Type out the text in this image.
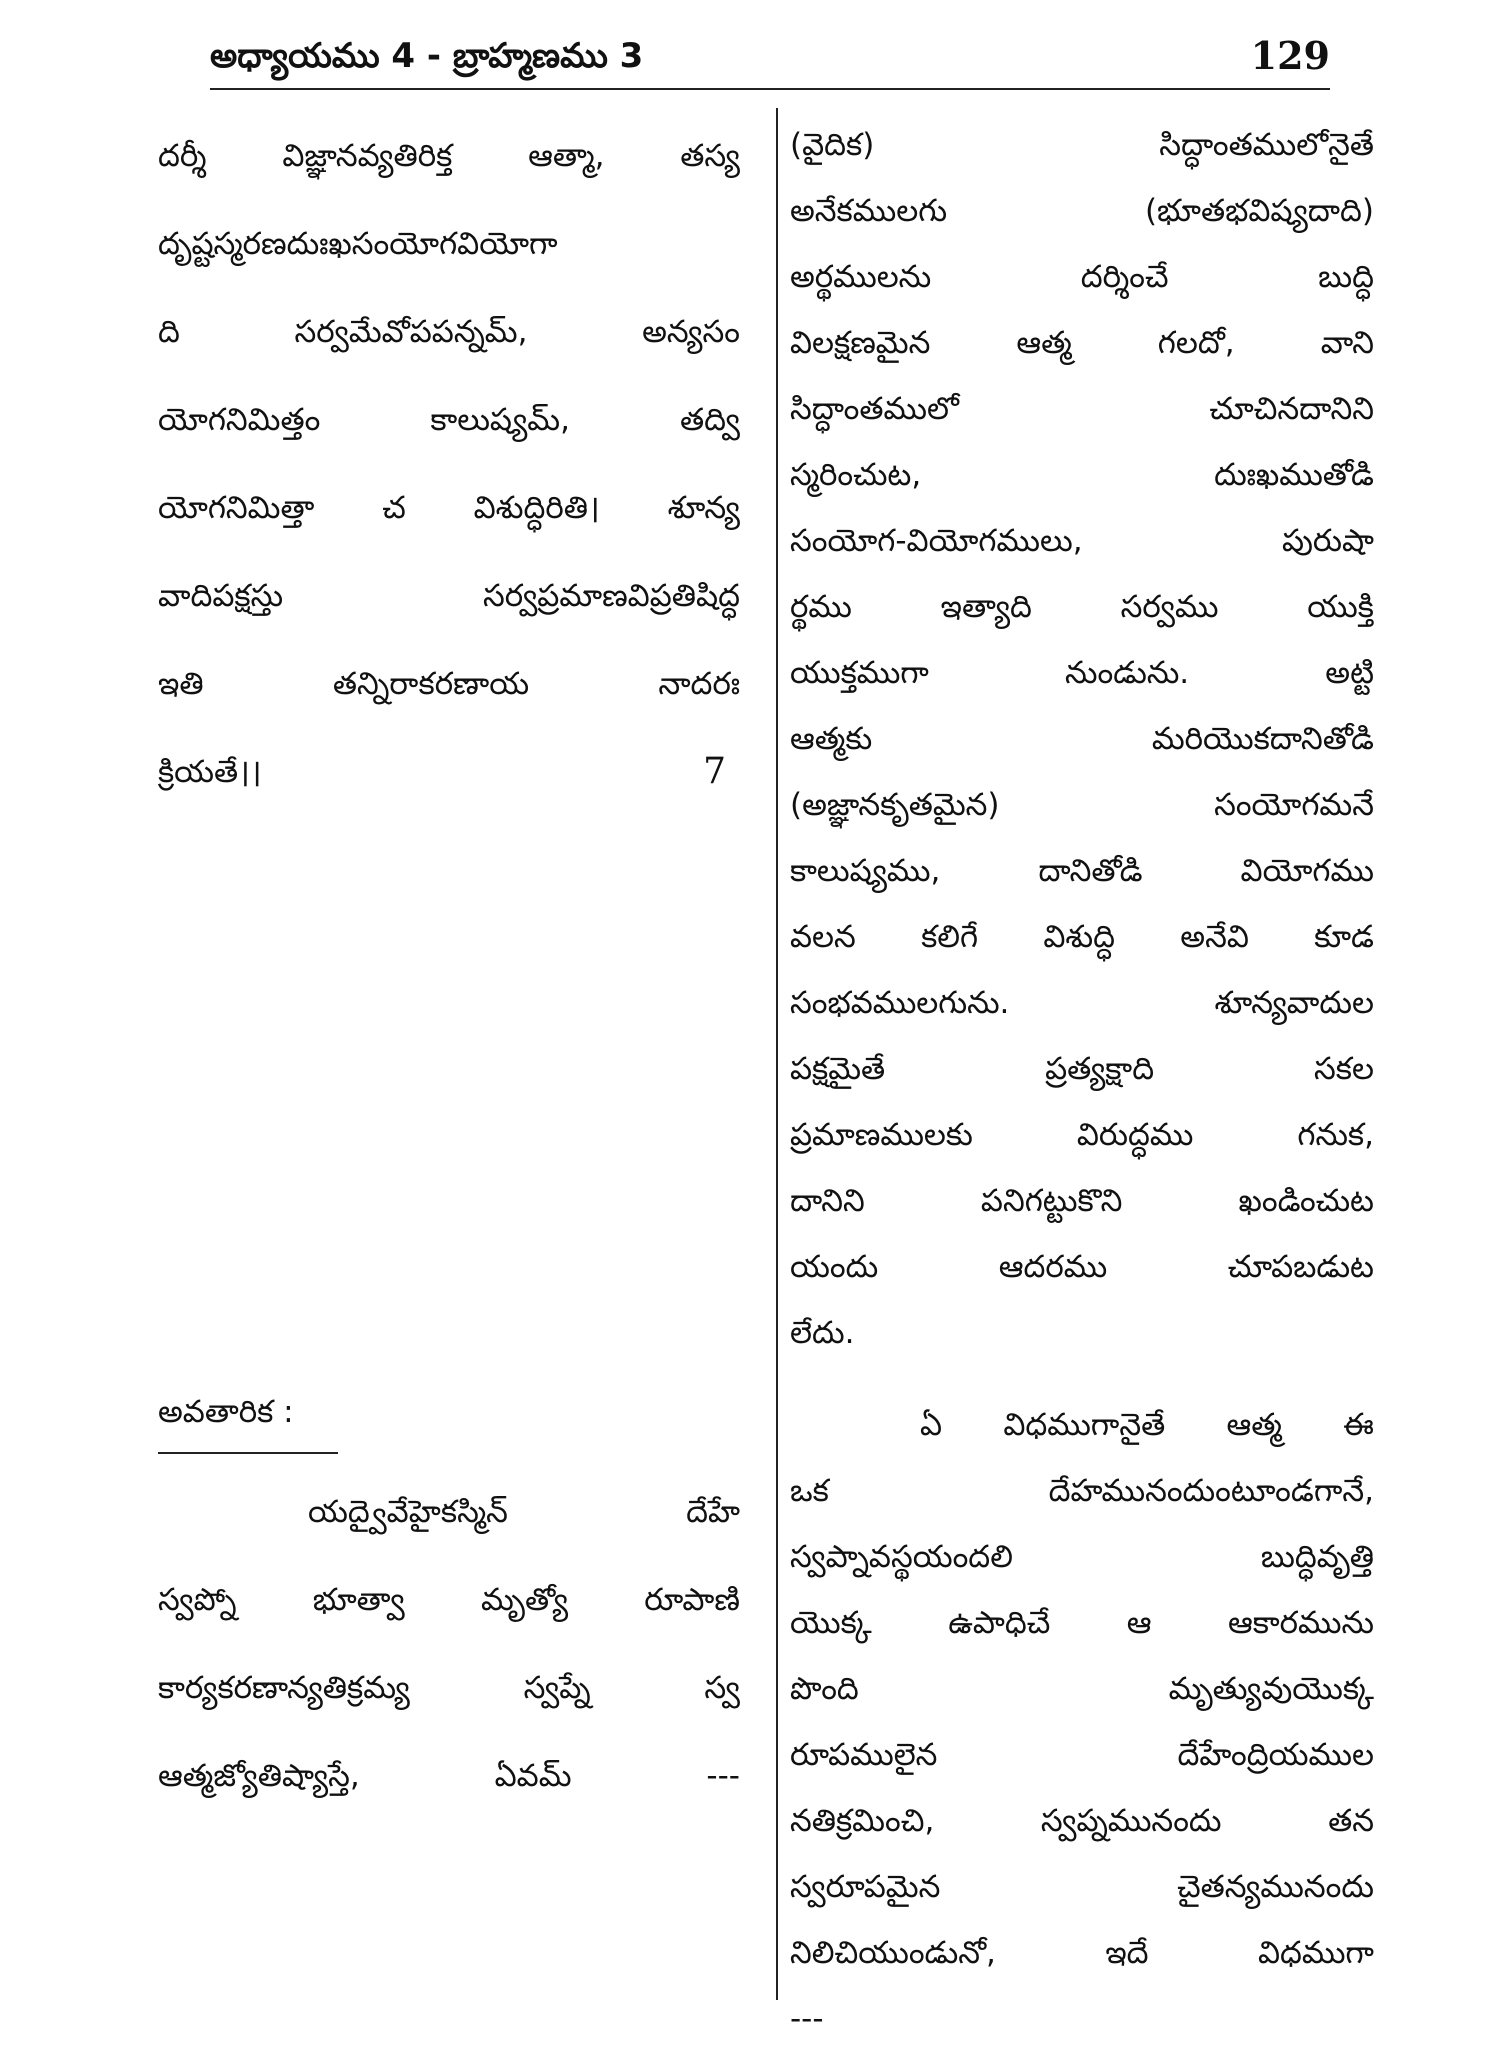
అధ్యాయము 4 - బ్రాహ్మణము 3	129
దర్శీ విజ్ఞానవ్యతిరిక్త ఆత్మా, తస్య
దృష్టస్మరణదుఃఖసంయోగవియోగా
ది	సర్వమేవోపపన్నమ్,	అన్యసం
యోగనిమిత్తం	కాలుష్యమ్,	తద్వి
యోగనిమిత్తా చ విశుద్ధిరితి। శూన్య
వాదిపక్షస్తు	సర్వప్రమాణవిప్రతిషిద్ధ
ఇతి	తన్నిరాకరణాయ	నాదరః
క్రియతే।।	7
అవతారిక :
యద్వైవేహైకస్మిన్	దేహే
స్వప్నో భూత్వా మృత్యో రూపాణి
కార్యకరణాన్యతిక్రమ్య	స్వప్నే	స్వ
ఆత్మజ్యోతిష్యాస్తే,	ఏవమ్	---
(వైదిక)	సిద్ధాంతములోనైతే
అనేకములగు	(భూతభవిష్యదాది)
అర్థములను	దర్శించే	బుద్ధి
విలక్షణమైన	ఆత్మ	గలదో,	వాని
సిద్ధాంతములో	చూచినదానిని
స్మరించుట,	దుఃఖముతోడి
సంయోగ-వియోగములు,	పురుషా
ర్థము	ఇత్యాది	సర్వము	యుక్తి
యుక్తముగా	నుండును.	అట్టి
ఆత్మకు	మరియొకదానితోడి
(అజ్ఞానకృతమైన)	సంయోగమనే
కాలుష్యము,	దానితోడి	వియోగము
వలన కలిగే విశుద్ధి అనేవి కూడ
సంభవములగును.	శూన్యవాదుల
పక్షమైతే	ప్రత్యక్షాది	సకల
ప్రమాణములకు	విరుద్ధము	గనుక,
దానిని	పనిగట్టుకొని	ఖండించుట
యందు	ఆదరము	చూపబడుట
లేదు.
ఏ విధముగానైతే ఆత్మ ఈ
ఒక	దేహమునందుంటూండగానే,
స్వప్నావస్థయందలి	బుద్ధివృత్తి
యొక్క ఉపాధిచే ఆ ఆకారమును
పొంది	మృత్యువుయొక్క
రూపములైన	దేహేంద్రియముల
నతిక్రమించి,	స్వప్నమునందు	తన
స్వరూపమైన	చైతన్యమునందు
నిలిచియుండునో,	ఇదే	విధముగా
---
